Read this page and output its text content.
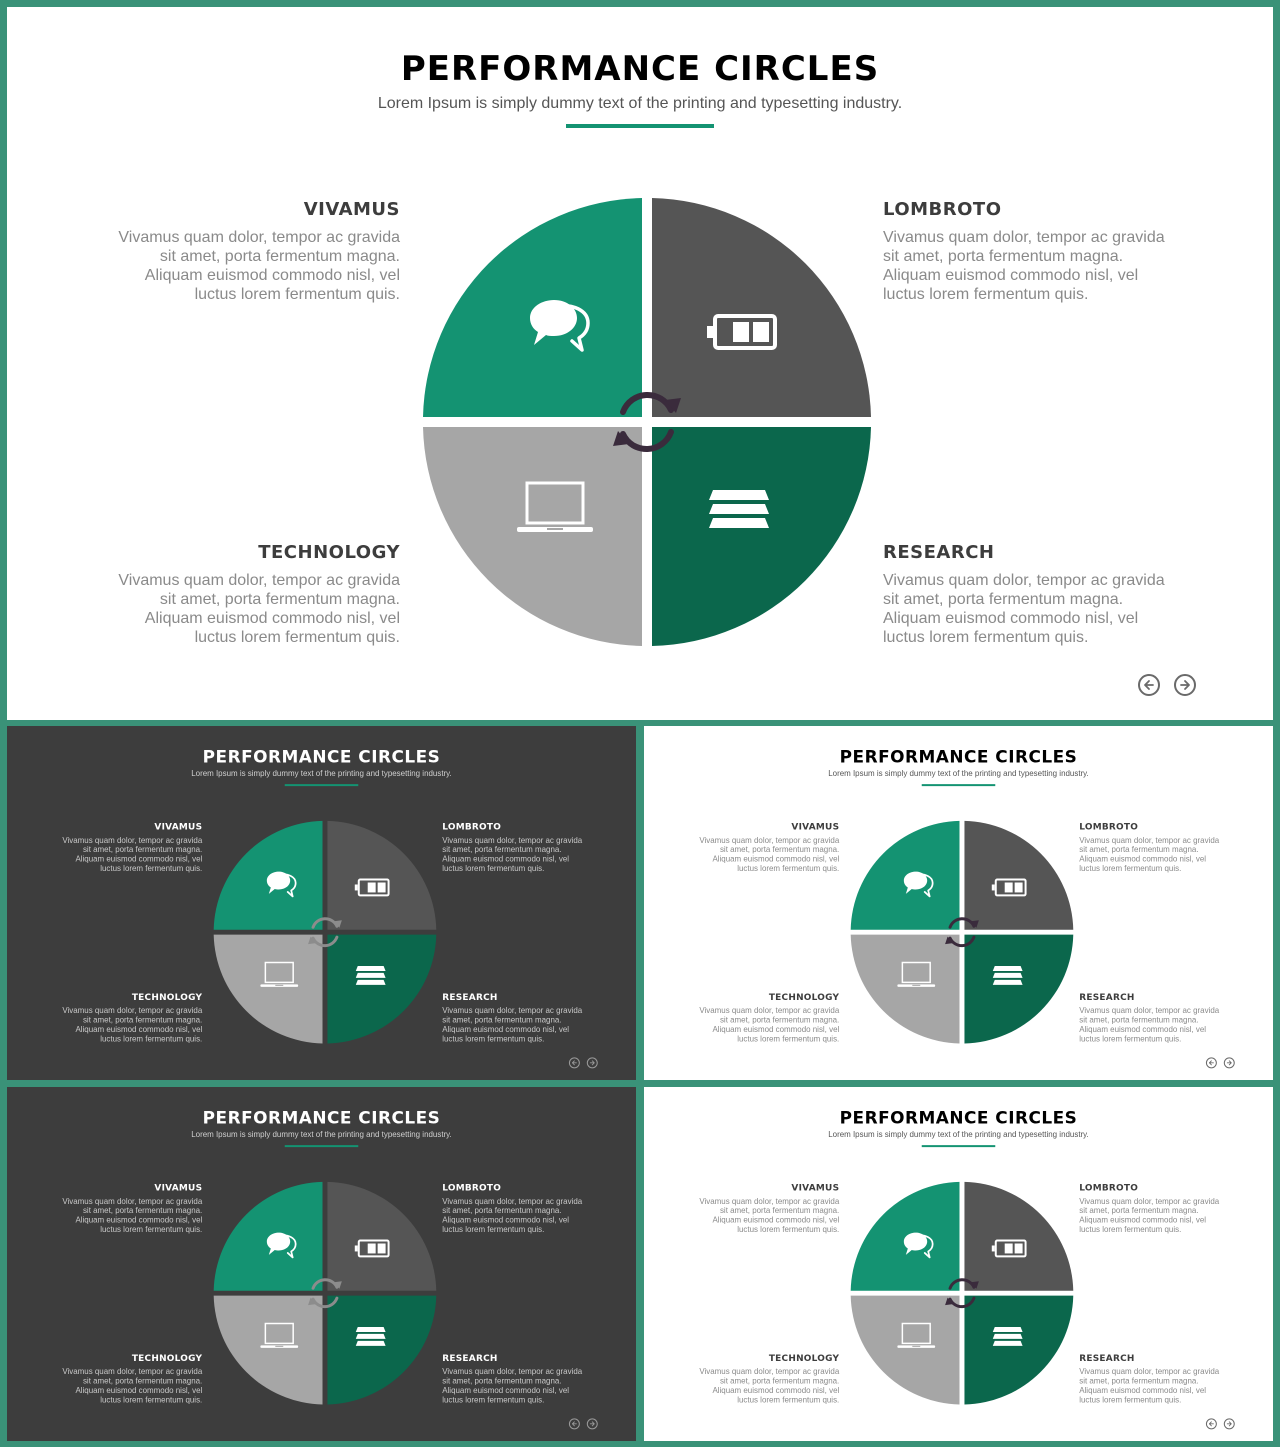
PERFORMANCE CIRCLES
Lorem Ipsum is simply dummy text of the printing and typesetting industry.
VIVAMUS
Vivamus quam dolor, tempor ac gravida sit amet, porta fermentum magna. Aliquam euismod commodo nisl, vel luctus lorem fermentum quis.
LOMBROTO
Vivamus quam dolor, tempor ac gravida sit amet, porta fermentum magna. Aliquam euismod commodo nisl, vel luctus lorem fermentum quis.
TECHNOLOGY
Vivamus quam dolor, tempor ac gravida sit amet, porta fermentum magna. Aliquam euismod commodo nisl, vel luctus lorem fermentum quis.
RESEARCH
Vivamus quam dolor, tempor ac gravida sit amet, porta fermentum magna. Aliquam euismod commodo nisl, vel luctus lorem fermentum quis.
PERFORMANCE CIRCLES
Lorem Ipsum is simply dummy text of the printing and typesetting industry.
VIVAMUS
Vivamus quam dolor, tempor ac gravida sit amet, porta fermentum magna. Aliquam euismod commodo nisl, vel luctus lorem fermentum quis.
LOMBROTO
Vivamus quam dolor, tempor ac gravida sit amet, porta fermentum magna. Aliquam euismod commodo nisl, vel luctus lorem fermentum quis.
TECHNOLOGY
Vivamus quam dolor, tempor ac gravida sit amet, porta fermentum magna. Aliquam euismod commodo nisl, vel luctus lorem fermentum quis.
RESEARCH
Vivamus quam dolor, tempor ac gravida sit amet, porta fermentum magna. Aliquam euismod commodo nisl, vel luctus lorem fermentum quis.
PERFORMANCE CIRCLES
Lorem Ipsum is simply dummy text of the printing and typesetting industry.
VIVAMUS
Vivamus quam dolor, tempor ac gravida sit amet, porta fermentum magna. Aliquam euismod commodo nisl, vel luctus lorem fermentum quis.
LOMBROTO
Vivamus quam dolor, tempor ac gravida sit amet, porta fermentum magna. Aliquam euismod commodo nisl, vel luctus lorem fermentum quis.
TECHNOLOGY
Vivamus quam dolor, tempor ac gravida sit amet, porta fermentum magna. Aliquam euismod commodo nisl, vel luctus lorem fermentum quis.
RESEARCH
Vivamus quam dolor, tempor ac gravida sit amet, porta fermentum magna. Aliquam euismod commodo nisl, vel luctus lorem fermentum quis.
PERFORMANCE CIRCLES
Lorem Ipsum is simply dummy text of the printing and typesetting industry.
VIVAMUS
Vivamus quam dolor, tempor ac gravida sit amet, porta fermentum magna. Aliquam euismod commodo nisl, vel luctus lorem fermentum quis.
LOMBROTO
Vivamus quam dolor, tempor ac gravida sit amet, porta fermentum magna. Aliquam euismod commodo nisl, vel luctus lorem fermentum quis.
TECHNOLOGY
Vivamus quam dolor, tempor ac gravida sit amet, porta fermentum magna. Aliquam euismod commodo nisl, vel luctus lorem fermentum quis.
RESEARCH
Vivamus quam dolor, tempor ac gravida sit amet, porta fermentum magna. Aliquam euismod commodo nisl, vel luctus lorem fermentum quis.
PERFORMANCE CIRCLES
Lorem Ipsum is simply dummy text of the printing and typesetting industry.
VIVAMUS
Vivamus quam dolor, tempor ac gravida sit amet, porta fermentum magna. Aliquam euismod commodo nisl, vel luctus lorem fermentum quis.
LOMBROTO
Vivamus quam dolor, tempor ac gravida sit amet, porta fermentum magna. Aliquam euismod commodo nisl, vel luctus lorem fermentum quis.
TECHNOLOGY
Vivamus quam dolor, tempor ac gravida sit amet, porta fermentum magna. Aliquam euismod commodo nisl, vel luctus lorem fermentum quis.
RESEARCH
Vivamus quam dolor, tempor ac gravida sit amet, porta fermentum magna. Aliquam euismod commodo nisl, vel luctus lorem fermentum quis.
